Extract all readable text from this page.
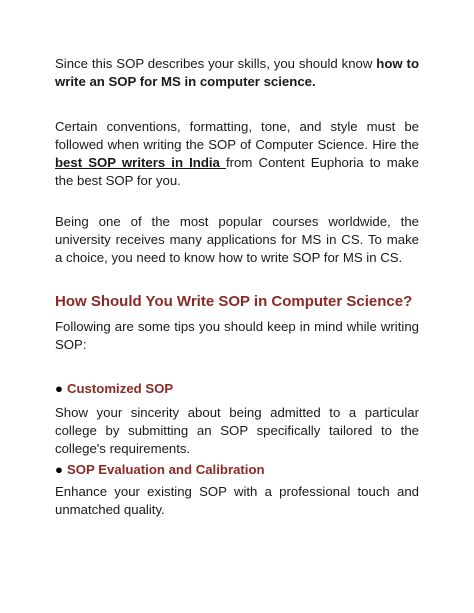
Since this SOP describes your skills, you should know how to write an SOP for MS in computer science.

Certain conventions, formatting, tone, and style must be followed when writing the SOP of Computer Science. Hire the best SOP writers in India from Content Euphoria to make the best SOP for you.

Being one of the most popular courses worldwide, the university receives many applications for MS in CS. To make a choice, you need to know how to write SOP for MS in CS.

How Should You Write SOP in Computer Science?

Following are some tips you should keep in mind while writing SOP:

● Customized SOP

Show your sincerity about being admitted to a particular college by submitting an SOP specifically tailored to the college's requirements.

● SOP Evaluation and Calibration

Enhance your existing SOP with a professional touch and unmatched quality.
